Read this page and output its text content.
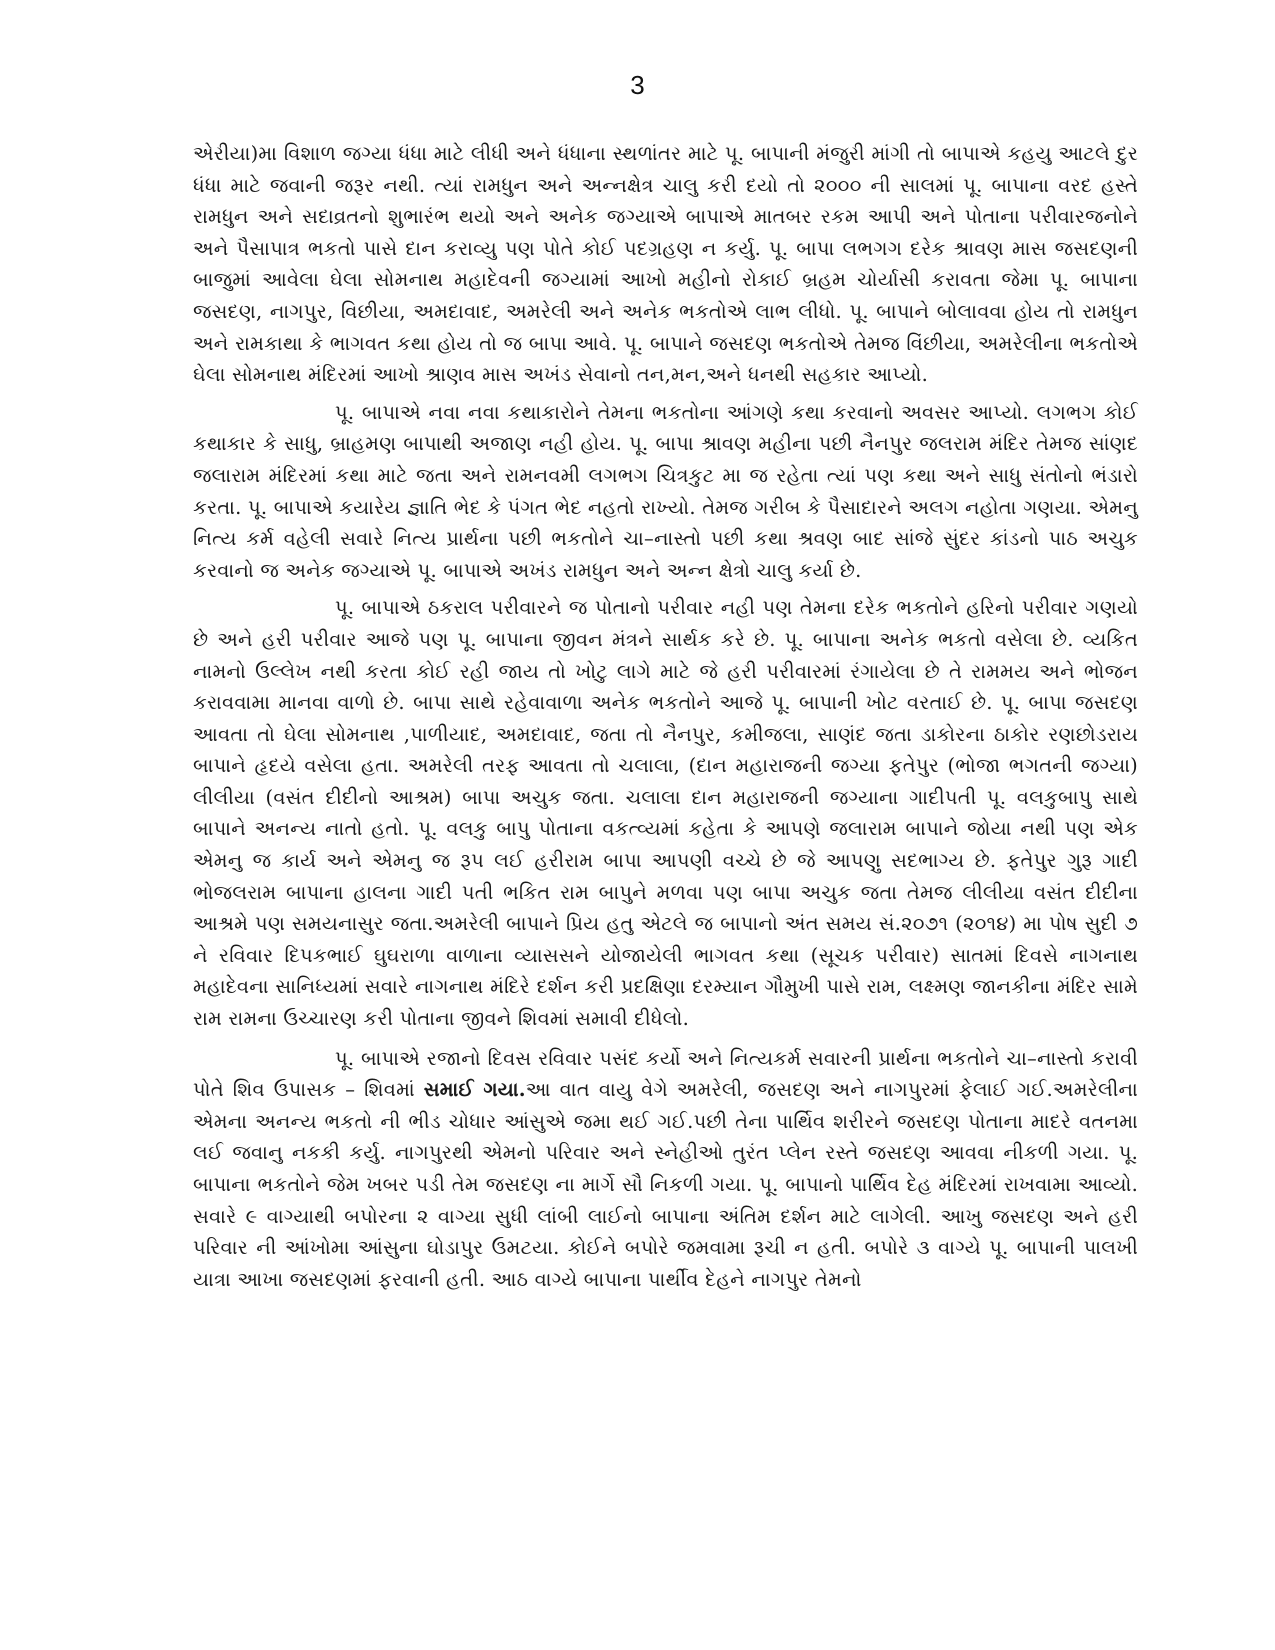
3

એરીયા)મા વિશાળ જગ્યા ધંધા માટે લીધી અને ધંધાના સ્થળાંતર માટે પૂ. બાપાની મંજુરી માંગી તો બાપાએ કહયુ આટલે દુર ધંધા માટે જવાની જરૂર નથી. ત્યાં રામધુન અને અન્નક્ષેત્ર ચાલુ કરી દયો તો ૨૦૦૦ ની સાલમાં પૂ. બાપાના વરદ હસ્તે રામધુન અને સદાવ્રતનો શુભારંભ થયો અને અનેક જગ્યાએ બાપાએ માતબર રકમ આપી અને પોતાના પરીવારજનોને અને પૈસાપાત્ર ભકતો પાસે દાન કરાવ્યુ પણ પોતે કોઈ પદગ્રહણ ન કર્યુ. પૂ. બાપા લભગગ દરેક શ્રાવણ માસ જસદણની બાજુમાં આવેલા ઘેલા સોમનાથ મહાદેવની જગ્યામાં આખો મહીનો રોકાઈ બ્રહમ ચોર્યાસી કરાવતા જેમા પૂ. બાપાના જસદણ, નાગપુર, વિછીયા, અમદાવાદ, અમરેલી અને અનેક ભકતોએ લાભ લીધો. પૂ. બાપાને બોલાવવા હોય તો રામધુન અને રામકાથા કે ભાગવત કથા હોય તો જ બાપા આવે. પૂ. બાપાને જસદણ ભકતોએ તેમજ વિંછીયા, અમરેલીના ભકતોએ ઘેલા સોમનાથ મંદિરમાં આખો શ્રાણવ માસ અખંડ સેવાનો તન,મન,અને ધનથી સહકાર આપ્યો.

પૂ. બાપાએ નવા નવા કથાકારોને તેમના ભકતોના આંગણે કથા કરવાનો અવસર આપ્યો. લગભગ કોઈ કથાકાર કે સાધુ, બ્રાહમણ બાપાથી અજાણ નહી હોય. પૂ. બાપા શ્રાવણ મહીના પછી નૈનપુર જલરામ મંદિર તેમજ સાંણદ જલારામ મંદિરમાં કથા માટે જતા અને રામનવમી લગભગ ચિત્રકુટ મા જ રહેતા ત્યાં પણ કથા અને સાધુ સંતોનો ભંડારો કરતા. પૂ. બાપાએ કયારેય જ્ઞાતિ ભેદ કે પંગત ભેદ નહતો રાખ્યો. તેમજ ગરીબ કે પૈસાદારને અલગ નહોતા ગણયા. એમનુ નિત્ય કર્મ વહેલી સવારે નિત્ય પ્રાર્થના પછી ભકતોને ચા–નાસ્તો પછી કથા શ્રવણ બાદ સાંજે સુંદર કાંડનો પાઠ અચુક કરવાનો જ અનેક જગ્યાએ પૂ. બાપાએ અખંડ રામધુન અને અન્ન ક્ષેત્રો ચાલુ કર્યા છે.

પૂ. બાપાએ ઠકરાલ પરીવારને જ પોતાનો પરીવાર નહી પણ તેમના દરેક ભકતોને હરિનો પરીવાર ગણયો છે અને હરી પરીવાર આજે પણ પૂ. બાપાના જીવન મંત્રને સાર્થક કરે છે. પૂ. બાપાના અનેક ભકતો વસેલા છે. વ્યકિત નામનો ઉલ્લેખ નથી કરતા કોઈ રહી જાય તો ખોટુ લાગે માટે જે હરી પરીવારમાં રંગાયેલા છે તે રામમય અને ભોજન કરાવવામા માનવા વાળો છે. બાપા સાથે રહેવાવાળા અનેક ભકતોને આજે પૂ. બાપાની ખોટ વરતાઈ છે. પૂ. બાપા જસદણ આવતા તો ઘેલા સોમનાથ ,પાળીયાદ, અમદાવાદ, જતા તો નૈનપુર, કમીજલા, સાણંદ જતા ડાકોરના ઠાકોર રણછોડરાય બાપાને હૃદયે વસેલા હતા. અમરેલી તરફ આવતા તો ચલાલા, (દાન મહારાજની જગ્યા ફતેપુર (ભોજા ભગતની જગ્યા) લીલીયા (વસંત દીદીનો આશ્રમ) બાપા અચુક જતા. ચલાલા દાન મહારાજની જગ્યાના ગાદીપતી પૂ. વલકુબાપુ સાથે બાપાને અનન્ય નાતો હતો. પૂ. વલકુ બાપુ પોતાના વકત્વ્યમાં કહેતા કે આપણે જલારામ બાપાને જોયા નથી પણ એક એમનુ જ કાર્ય અને એમનુ જ રૂપ લઈ હરીરામ બાપા આપણી વચ્ચે છે જે આપણુ સદભાગ્ય છે. ફતેપુર ગુરૂ ગાદી ભોજલરામ બાપાના હાલના ગાદી પતી ભકિત રામ બાપુને મળવા પણ બાપા અચુક જતા તેમજ લીલીયા વસંત દીદીના આશ્રમે પણ સમયનાસુર જતા.અમરેલી બાપાને પ્રિય હતુ એટલે જ બાપાનો અંત સમય સં.૨૦૭૧ (૨૦૧૪) મા પોષ સુદી ૭ ને રવિવાર દિપકભાઈ ઘુઘરાળા વાળાના વ્યાસસને યોજાયેલી ભાગવત કથા (સૂચક પરીવાર) સાતમાં દિવસે નાગનાથ મહાદેવના સાનિધ્યમાં સવારે નાગનાથ મંદિરે દર્શન કરી પ્રદક્ષિણા દરમ્યાન ગૌમુખી પાસે રામ, લક્ષ્મણ જાનકીના મંદિર સામે રામ રામના ઉચ્ચારણ કરી પોતાના જીવને શિવમાં સમાવી દીધેલો.

પૂ. બાપાએ રજાનો દિવસ રવિવાર પસંદ કર્યો અને નિત્યકર્મ સવારની પ્રાર્થના ભકતોને ચા–નાસ્તો કરાવી પોતે શિવ ઉપાસક – શિવમાં સમાઈ ગયા.આ વાત વાયુ વેગે અમરેલી, જસદણ અને નાગપુરમાં ફેલાઈ ગઈ.અમરેલીના એમના અનન્ય ભકતો ની ભીડ ચોધાર આંસુએ જમા થઈ ગઈ.પછી તેના પાર્થિવ શરીરને જસદણ પોતાના માદરે વતનમા લઈ જવાનુ નકકી કર્યુ. નાગપુરથી એમનો પરિવાર અને સ્નેહીઓ તુરંત પ્લેન રસ્તે જસદણ આવવા નીકળી ગયા. પૂ. બાપાના ભકતોને જેમ ખબર પડી તેમ જસદણ ના માર્ગે સૌ નિકળી ગયા. પૂ. બાપાનો પાર્થિવ દેહ મંદિરમાં રાખવામા આવ્યો. સવારે ૯ વાગ્યાથી બપોરના ૨ વાગ્યા સુધી લાંબી લાઈનો બાપાના અંતિમ દર્શન માટે લાગેલી. આખુ જસદણ અને હરી પરિવાર ની આંખોમા આંસુના ઘોડાપુર ઉમટયા. કોઈને બપોરે જમવામા રૂચી ન હતી. બપોરે ૩ વાગ્યે પૂ. બાપાની પાલખી યાત્રા આખા જસદણમાં ફરવાની હતી. આઠ વાગ્યે બાપાના પાર્થીવ દેહને નાગપુર તેમનો
